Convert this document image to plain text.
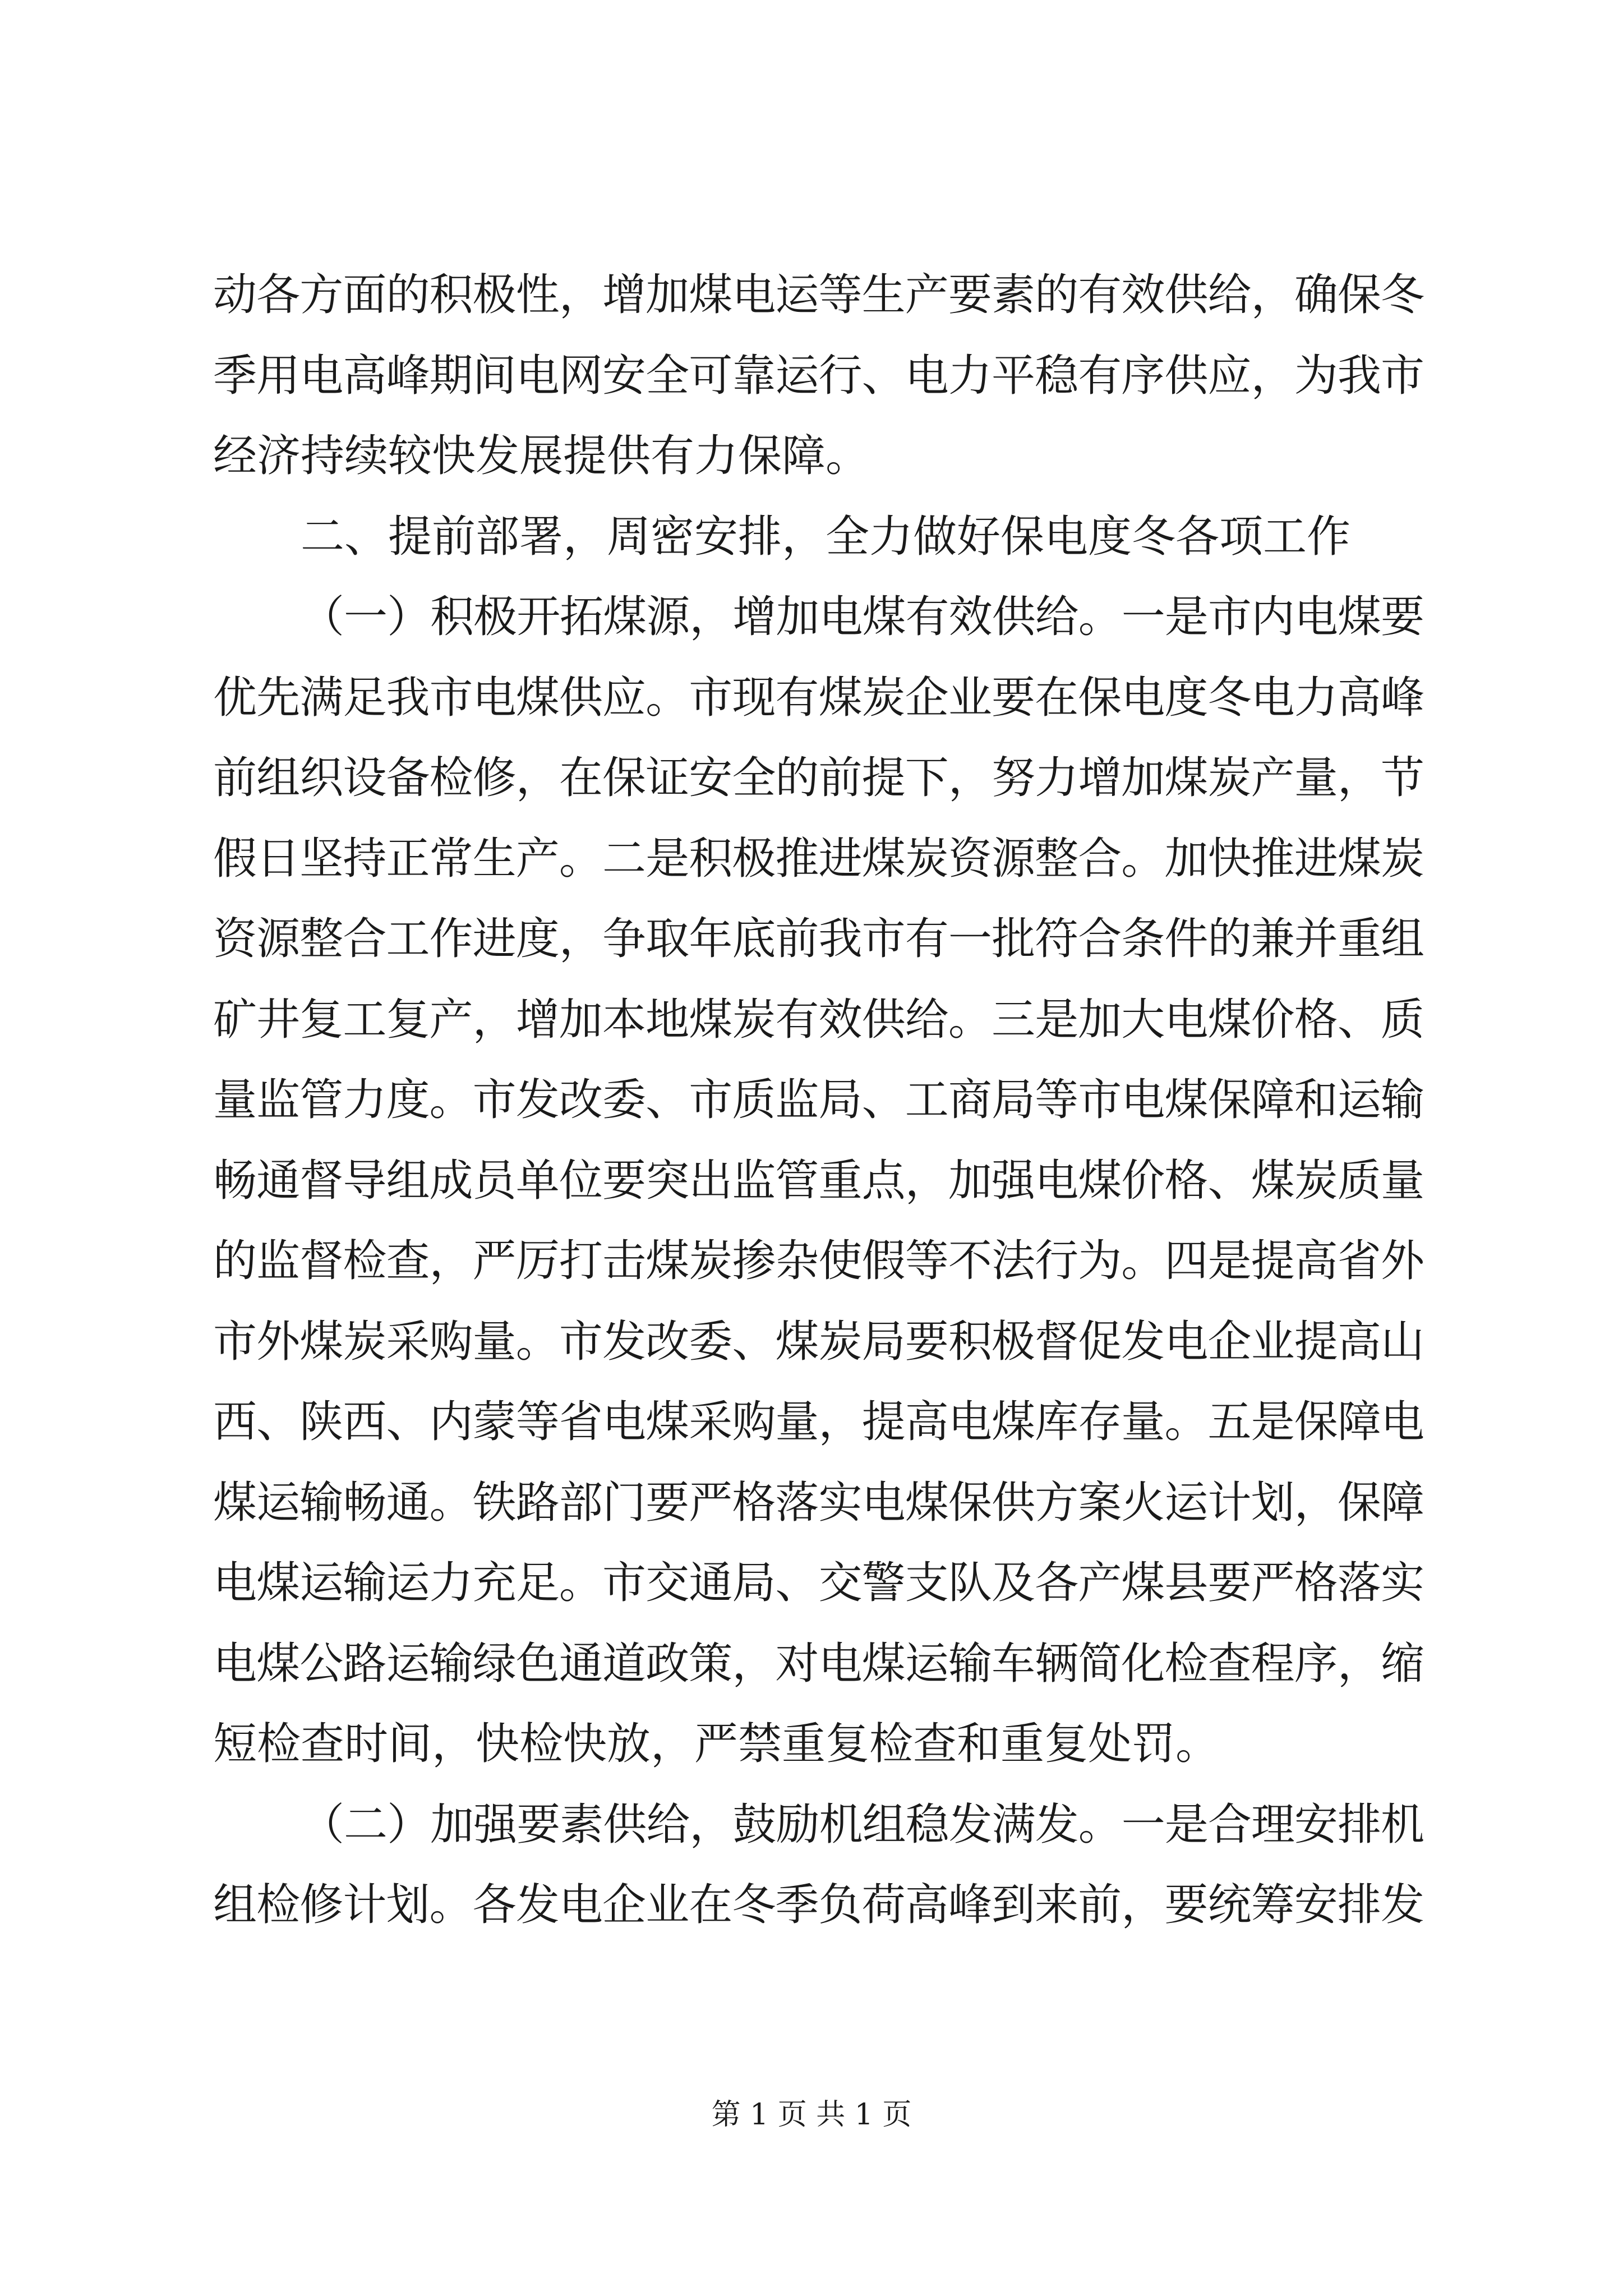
动各方面的积极性，增加煤电运等生产要素的有效供给，确保冬
季用电高峰期间电网安全可靠运行、电力平稳有序供应，为我市
经济持续较快发展提供有力保障。
二、提前部署，周密安排，全力做好保电度冬各项工作
（一）积极开拓煤源，增加电煤有效供给。一是市内电煤要
优先满足我市电煤供应。市现有煤炭企业要在保电度冬电力高峰
前组织设备检修，在保证安全的前提下，努力增加煤炭产量，节
假日坚持正常生产。二是积极推进煤炭资源整合。加快推进煤炭
资源整合工作进度，争取年底前我市有一批符合条件的兼并重组
矿井复工复产，增加本地煤炭有效供给。三是加大电煤价格、质
量监管力度。市发改委、市质监局、工商局等市电煤保障和运输
畅通督导组成员单位要突出监管重点，加强电煤价格、煤炭质量
的监督检查，严厉打击煤炭掺杂使假等不法行为。四是提高省外
市外煤炭采购量。市发改委、煤炭局要积极督促发电企业提高山
西、陕西、内蒙等省电煤采购量，提高电煤库存量。五是保障电
煤运输畅通。铁路部门要严格落实电煤保供方案火运计划，保障
电煤运输运力充足。市交通局、交警支队及各产煤县要严格落实
电煤公路运输绿色通道政策，对电煤运输车辆简化检查程序，缩
短检查时间，快检快放，严禁重复检查和重复处罚。
（二）加强要素供给，鼓励机组稳发满发。一是合理安排机
组检修计划。各发电企业在冬季负荷高峰到来前，要统筹安排发
第 1 页 共 1 页
